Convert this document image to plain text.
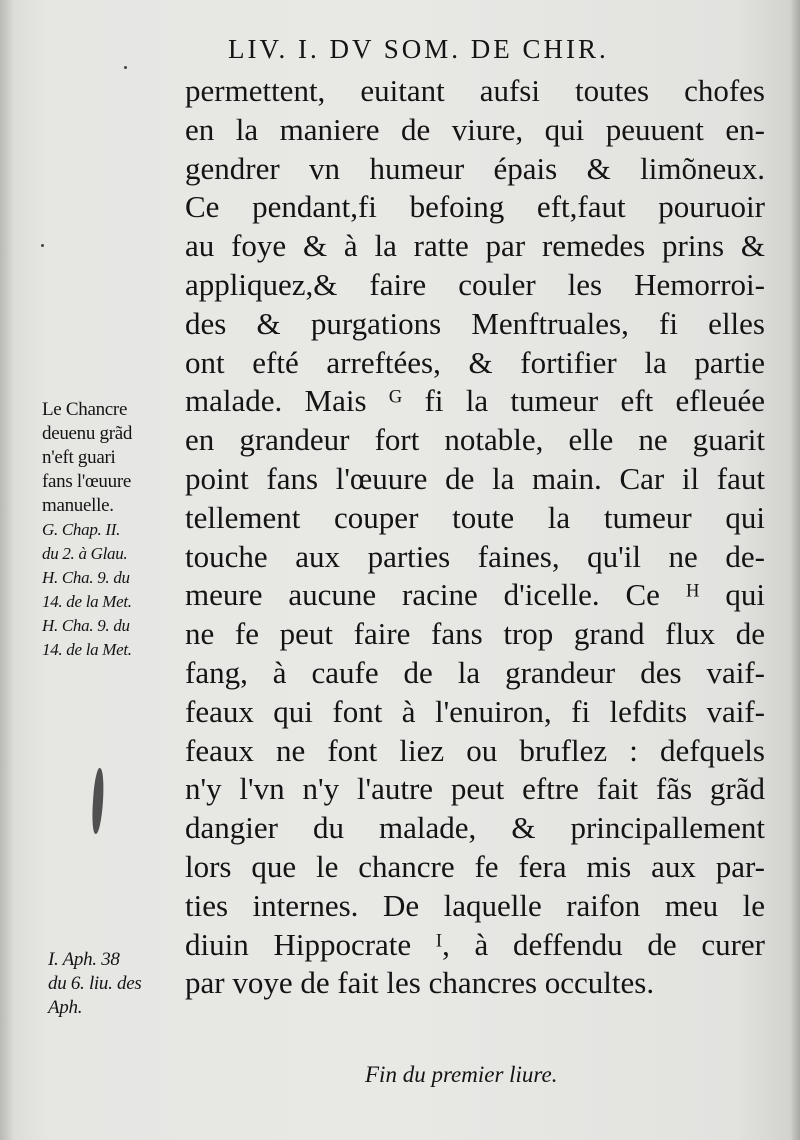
LIV. I. DV SOM. DE CHIR.
permettent, euitant aufsi toutes chofes
en la maniere de viure, qui peuuent en-
gendrer vn humeur épais & limõneux.
Ce pendant,fi befoing eft,faut pouruoir
au foye & à la ratte par remedes prins &
appliquez,& faire couler les Hemorroi-
des & purgations Menftruales, fi elles
ont efté arreftées, & fortifier la partie
malade. Mais ᴳ fi la tumeur eft efleuée
en grandeur fort notable, elle ne guarit
point fans l'œuure de la main. Car il faut
tellement couper toute la tumeur qui
touche aux parties faines, qu'il ne de-
meure aucune racine d'icelle. Ce ᴴ qui
ne fe peut faire fans trop grand flux de
fang, à caufe de la grandeur des vaif-
feaux qui font à l'enuiron, fi lefdits vaif-
feaux ne font liez ou bruflez : defquels
n'y l'vn n'y l'autre peut eftre fait fãs grãd
dangier du malade, & principallement
lors que le chancre fe fera mis aux par-
ties internes. De laquelle raifon meu le
diuin Hippocrate ᴵ, à deffendu de curer
par voye de fait les chancres occultes.
Le Chancre
deuenu grãd
n'eft guari
fans l'œuure
manuelle.
G. Chap. II.
du 2. à Glau.
H. Cha. 9. du
14. de la Met.
H. Cha. 9. du
14. de la Met.
I. Aph. 38
du 6. liu. des
Aph.
Fin du premier liure.
